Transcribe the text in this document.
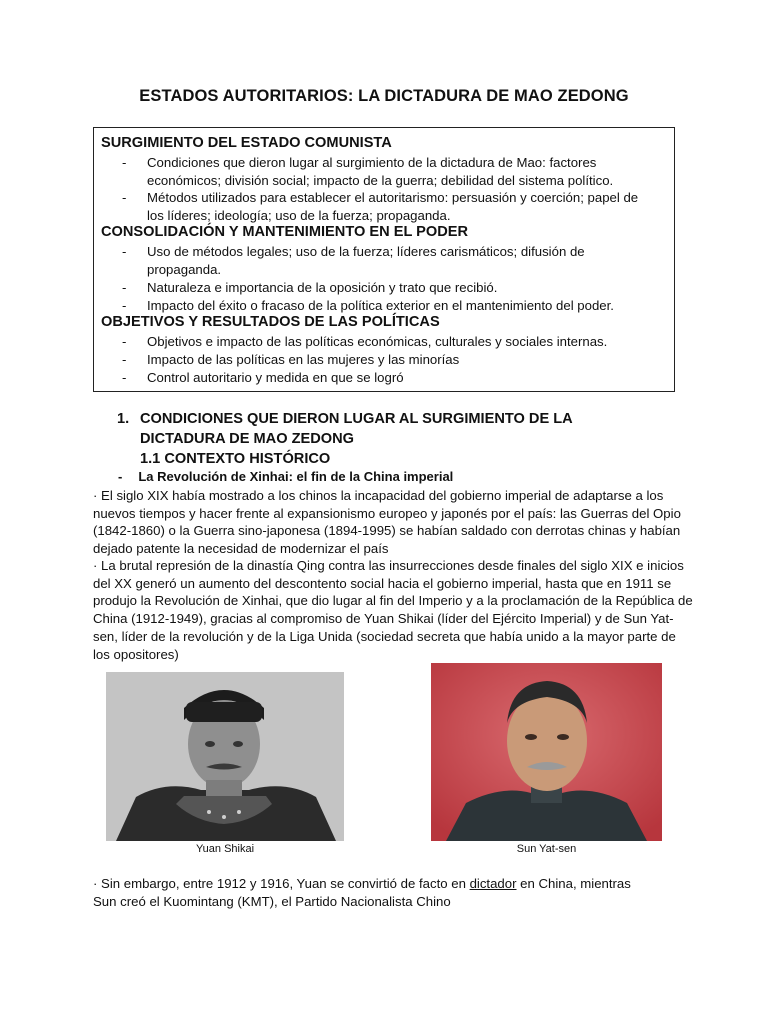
ESTADOS AUTORITARIOS: LA DICTADURA DE MAO ZEDONG
SURGIMIENTO DEL ESTADO COMUNISTA
- Condiciones que dieron lugar al surgimiento de la dictadura de Mao: factores económicos; división social; impacto de la guerra; debilidad del sistema político.
- Métodos utilizados para establecer el autoritarismo: persuasión y coerción; papel de los líderes; ideología; uso de la fuerza; propaganda.
CONSOLIDACIÓN Y MANTENIMIENTO EN EL PODER
- Uso de métodos legales; uso de la fuerza; líderes carismáticos; difusión de propaganda.
- Naturaleza e importancia de la oposición y trato que recibió.
- Impacto del éxito o fracaso de la política exterior en el mantenimiento del poder.
OBJETIVOS Y RESULTADOS DE LAS POLÍTICAS
- Objetivos e impacto de las políticas económicas, culturales y sociales internas.
- Impacto de las políticas en las mujeres y las minorías
- Control autoritario y medida en que se logró
1. CONDICIONES QUE DIERON LUGAR AL SURGIMIENTO DE LA
DICTADURA DE MAO ZEDONG
1.1 CONTEXTO HISTÓRICO
- La Revolución de Xinhai: el fin de la China imperial
· El siglo XIX había mostrado a los chinos la incapacidad del gobierno imperial de adaptarse a los nuevos tiempos y hacer frente al expansionismo europeo y japonés por el país: las Guerras del Opio (1842-1860) o la Guerra sino-japonesa (1894-1995) se habían saldado con derrotas chinas y habían dejado patente la necesidad de modernizar el país
· La brutal represión de la dinastía Qing contra las insurrecciones desde finales del siglo XIX e inicios del XX generó un aumento del descontento social hacia el gobierno imperial, hasta que en 1911 se produjo la Revolución de Xinhai, que dio lugar al fin del Imperio y a la proclamación de la República de China (1912-1949), gracias al compromiso de Yuan Shikai (líder del Ejército Imperial) y de Sun Yat-sen, líder de la revolución y de la Liga Unida (sociedad secreta que había unido a la mayor parte de los opositores)
Yuan Shikai	Sun Yat-sen
· Sin embargo, entre 1912 y 1916, Yuan se convirtió de facto en dictador en China, mientras
Sun creó el Kuomintang (KMT), el Partido Nacionalista Chino
